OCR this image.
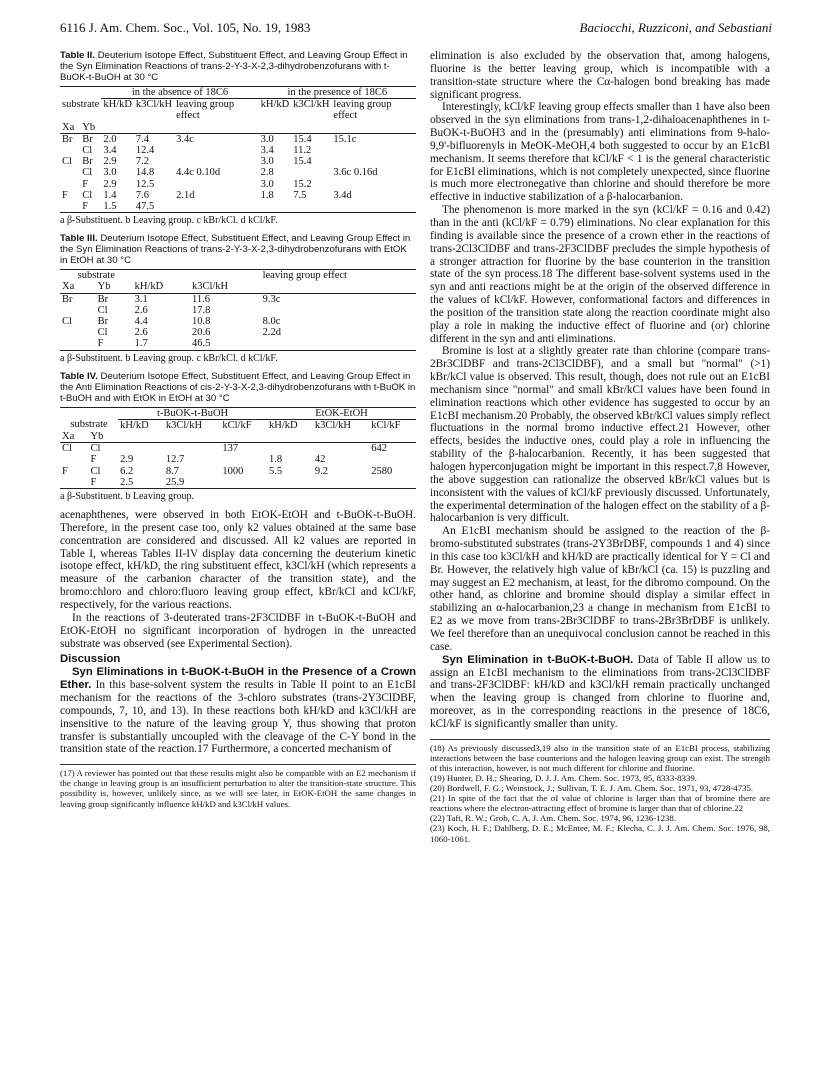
6116 J. Am. Chem. Soc., Vol. 105, No. 19, 1983	Baciocchi, Ruzziconi, and Sebastiani
Table II. Deuterium Isotope Effect, Substituent Effect, and Leaving Group Effect in the Syn Elimination Reactions of trans-2-Y-3-X-2,3-dihydrobenzofurans with t-BuOK-t-BuOH at 30 °C
		in the absence of 18C6			in the presence of 18C6		
substrate		kH/kD	k3Cl/kH	leaving group effect	kH/kD	k3Cl/kH	leaving group effect
Xa	Yb						
Br	Br	2.0	7.4	3.4c	3.0	15.4	15.1c
	Cl	3.4	12.4		3.4	11.2	
Cl	Br	2.9	7.2		3.0	15.4	
	Cl	3.0	14.8	4.4c 0.10d	2.8		3.6c 0.16d
	F	2.9	12.5		3.0	15.2	
F	Cl	1.4	7.6	2.1d	1.8	7.5	3.4d
	F	1.5	47.5				
a β-Substituent. b Leaving group. c kBr/kCl. d kCl/kF.
Table III. Deuterium Isotope Effect, Substituent Effect, and Leaving Group Effect in the Syn Elimination Reactions of trans-2-Y-3-X-2,3-dihydrobenzofurans with EtOK in EtOH at 30 °C
substrate				leaving group effect
Xa	Yb	kH/kD	k3Cl/kH	
Br	Br	3.1	11.6	9.3c
	Cl	2.6	17.8	
Cl	Br	4.4	10.8	8.0c
	Cl	2.6	20.6	2.2d
	F	1.7	46.5	
a β-Substituent. b Leaving group. c kBr/kCl. d kCl/kF.
Table IV. Deuterium Isotope Effect, Substituent Effect, and Leaving Group Effect in the Anti Elimination Reactions of cis-2-Y-3-X-2,3-dihydrobenzofurans with t-BuOK in t-BuOH and with EtOK in EtOH at 30 °C
		t-BuOK-t-BuOH			EtOK-EtOH		
substrate		kH/kD	k3Cl/kH	kCl/kF	kH/kD	k3Cl/kH	kCl/kF
Xa	Yb						
Cl	Cl			137			642
	F	2.9	12.7		1.8	42	
F	Cl	6.2	8.7	1000	5.5	9.2	2580
	F	2.5	25.9				
a β-Substituent. b Leaving group.

acenaphthenes, were observed in both EtOK-EtOH and t-BuOK-t-BuOH. Therefore, in the present case too, only k2 values obtained at the same base concentration are considered and discussed. All k2 values are reported in Table I, whereas Tables II-IV display data concerning the deuterium kinetic isotope effect, kH/kD, the ring substituent effect, k3Cl/kH (which represents a measure of the carbanion character of the transition state), and the bromo:chloro and chloro:fluoro leaving group effect, kBr/kCl and kCl/kF, respectively, for the various reactions.

In the reactions of 3-deuterated trans-2F3ClDBF in t-BuOK-t-BuOH and EtOK-EtOH no significant incorporation of hydrogen in the unreacted substrate was observed (see Experimental Section).

Discussion

Syn Eliminations in t-BuOK-t-BuOH in the Presence of a Crown Ether. In this base-solvent system the results in Table II point to an E1cBI mechanism for the reactions of the 3-chloro substrates (trans-2Y3ClDBF, compounds, 7, 10, and 13). In these reactions both kH/kD and k3Cl/kH are insensitive to the nature of the leaving group Y, thus showing that proton transfer is substantially uncoupled with the cleavage of the C-Y bond in the transition state of the reaction.17 Furthermore, a concerted mechanism of

(17) A reviewer has pointed out that these results might also be compatible with an E2 mechanism if the change in leaving group is an insufficient perturbation to alter the transition-state structure. This possibility is, however, unlikely since, as we will see later, in EtOK-EtOH the same changes in leaving group significantly influence kH/kD and k3Cl/kH values.

elimination is also excluded by the observation that, among halogens, fluorine is the better leaving group, which is incompatible with a transition-state structure where the Cα-halogen bond breaking has made significant progress.

Interestingly, kCl/kF leaving group effects smaller than 1 have also been observed in the syn eliminations from trans-1,2-dihaloacenaphthenes in t-BuOK-t-BuOH3 and in the (presumably) anti eliminations from 9-halo-9,9'-bifluorenyls in MeOK-MeOH,4 both suggested to occur by an E1cBI mechanism. It seems therefore that kCl/kF < 1 is the general characteristic for E1cBI eliminations, which is not completely unexpected, since fluorine is much more electronegative than chlorine and should therefore be more effective in inductive stabilization of a β-halocarbanion.

The phenomenon is more marked in the syn (kCl/kF = 0.16 and 0.42) than in the anti (kCl/kF = 0.79) eliminations. No clear explanation for this finding is available since the presence of a crown ether in the reactions of trans-2Cl3ClDBF and trans-2F3ClDBF precludes the simple hypothesis of a stronger attraction for fluorine by the base counterion in the transition state of the syn process.18 The different base-solvent systems used in the syn and anti reactions might be at the origin of the observed difference in the values of kCl/kF. However, conformational factors and differences in the position of the transition state along the reaction coordinate might also play a role in making the inductive effect of fluorine and (or) chlorine different in the syn and anti eliminations.

Bromine is lost at a slightly greater rate than chlorine (compare trans-2Br3ClDBF and trans-2Cl3ClDBF), and a small but "normal" (>1) kBr/kCl value is observed. This result, though, does not rule out an E1cBI mechanism since "normal" and small kBr/kCl values have been found in elimination reactions which other evidence has suggested to occur by an E1cBI mechanism.20 Probably, the observed kBr/kCl values simply reflect fluctuations in the normal bromo inductive effect.21 However, other effects, besides the inductive ones, could play a role in influencing the stability of the β-halocarbanion. Recently, it has been suggested that halogen hyperconjugation might be important in this respect.7,8 However, the above suggestion can rationalize the observed kBr/kCl values but is inconsistent with the values of kCl/kF previously discussed. Unfortunately, the experimental determination of the halogen effect on the stability of a β-halocarbanion is very difficult.

An E1cBI mechanism should be assigned to the reaction of the β-bromo-substituted substrates (trans-2Y3BrDBF, compounds 1 and 4) since in this case too k3Cl/kH and kH/kD are practically identical for Y = Cl and Br. However, the relatively high value of kBr/kCl (ca. 15) is puzzling and may suggest an E2 mechanism, at least, for the dibromo compound. On the other hand, as chlorine and bromine should display a similar effect in stabilizing an α-halocarbanion,23 a change in mechanism from E1cBI to E2 as we move from trans-2Br3ClDBF to trans-2Br3BrDBF is unlikely. We feel therefore than an unequivocal conclusion cannot be reached in this case.

Syn Elimination in t-BuOK-t-BuOH. Data of Table II allow us to assign an E1cBI mechanism to the eliminations from trans-2Cl3ClDBF and trans-2F3ClDBF: kH/kD and k3Cl/kH remain practically unchanged when the leaving group is changed from chlorine to fluorine and, moreover, as in the corresponding reactions in the presence of 18C6, kCl/kF is significantly smaller than unity.

(18) As previously discussed3,19 also in the transition state of an E1cBI process, stabilizing interactions between the base counterions and the halogen leaving group can exist. The strength of this interaction, however, is not much different for chlorine and fluorine.

(19) Hunter, D. H.; Shearing, D. J. J. Am. Chem. Soc. 1973, 95, 8333-8339.

(20) Bordwell, F. G.; Weinstock, J.; Sullivan, T. E. J. Am. Chem. Soc. 1971, 93, 4728-4735.

(21) In spite of the fact that the σI value of chlorine is larger than that of bromine there are reactions where the electron-attracting effect of bromine is larger than that of chlorine.22

(22) Taft, R. W.; Grob, C. A. J. Am. Chem. Soc. 1974, 96, 1236-1238.

(23) Koch, H. F.; Dahlberg, D. E.; McEntee, M. F.; Klecha, C. J. J. Am. Chem. Soc. 1976, 98, 1060-1061.
